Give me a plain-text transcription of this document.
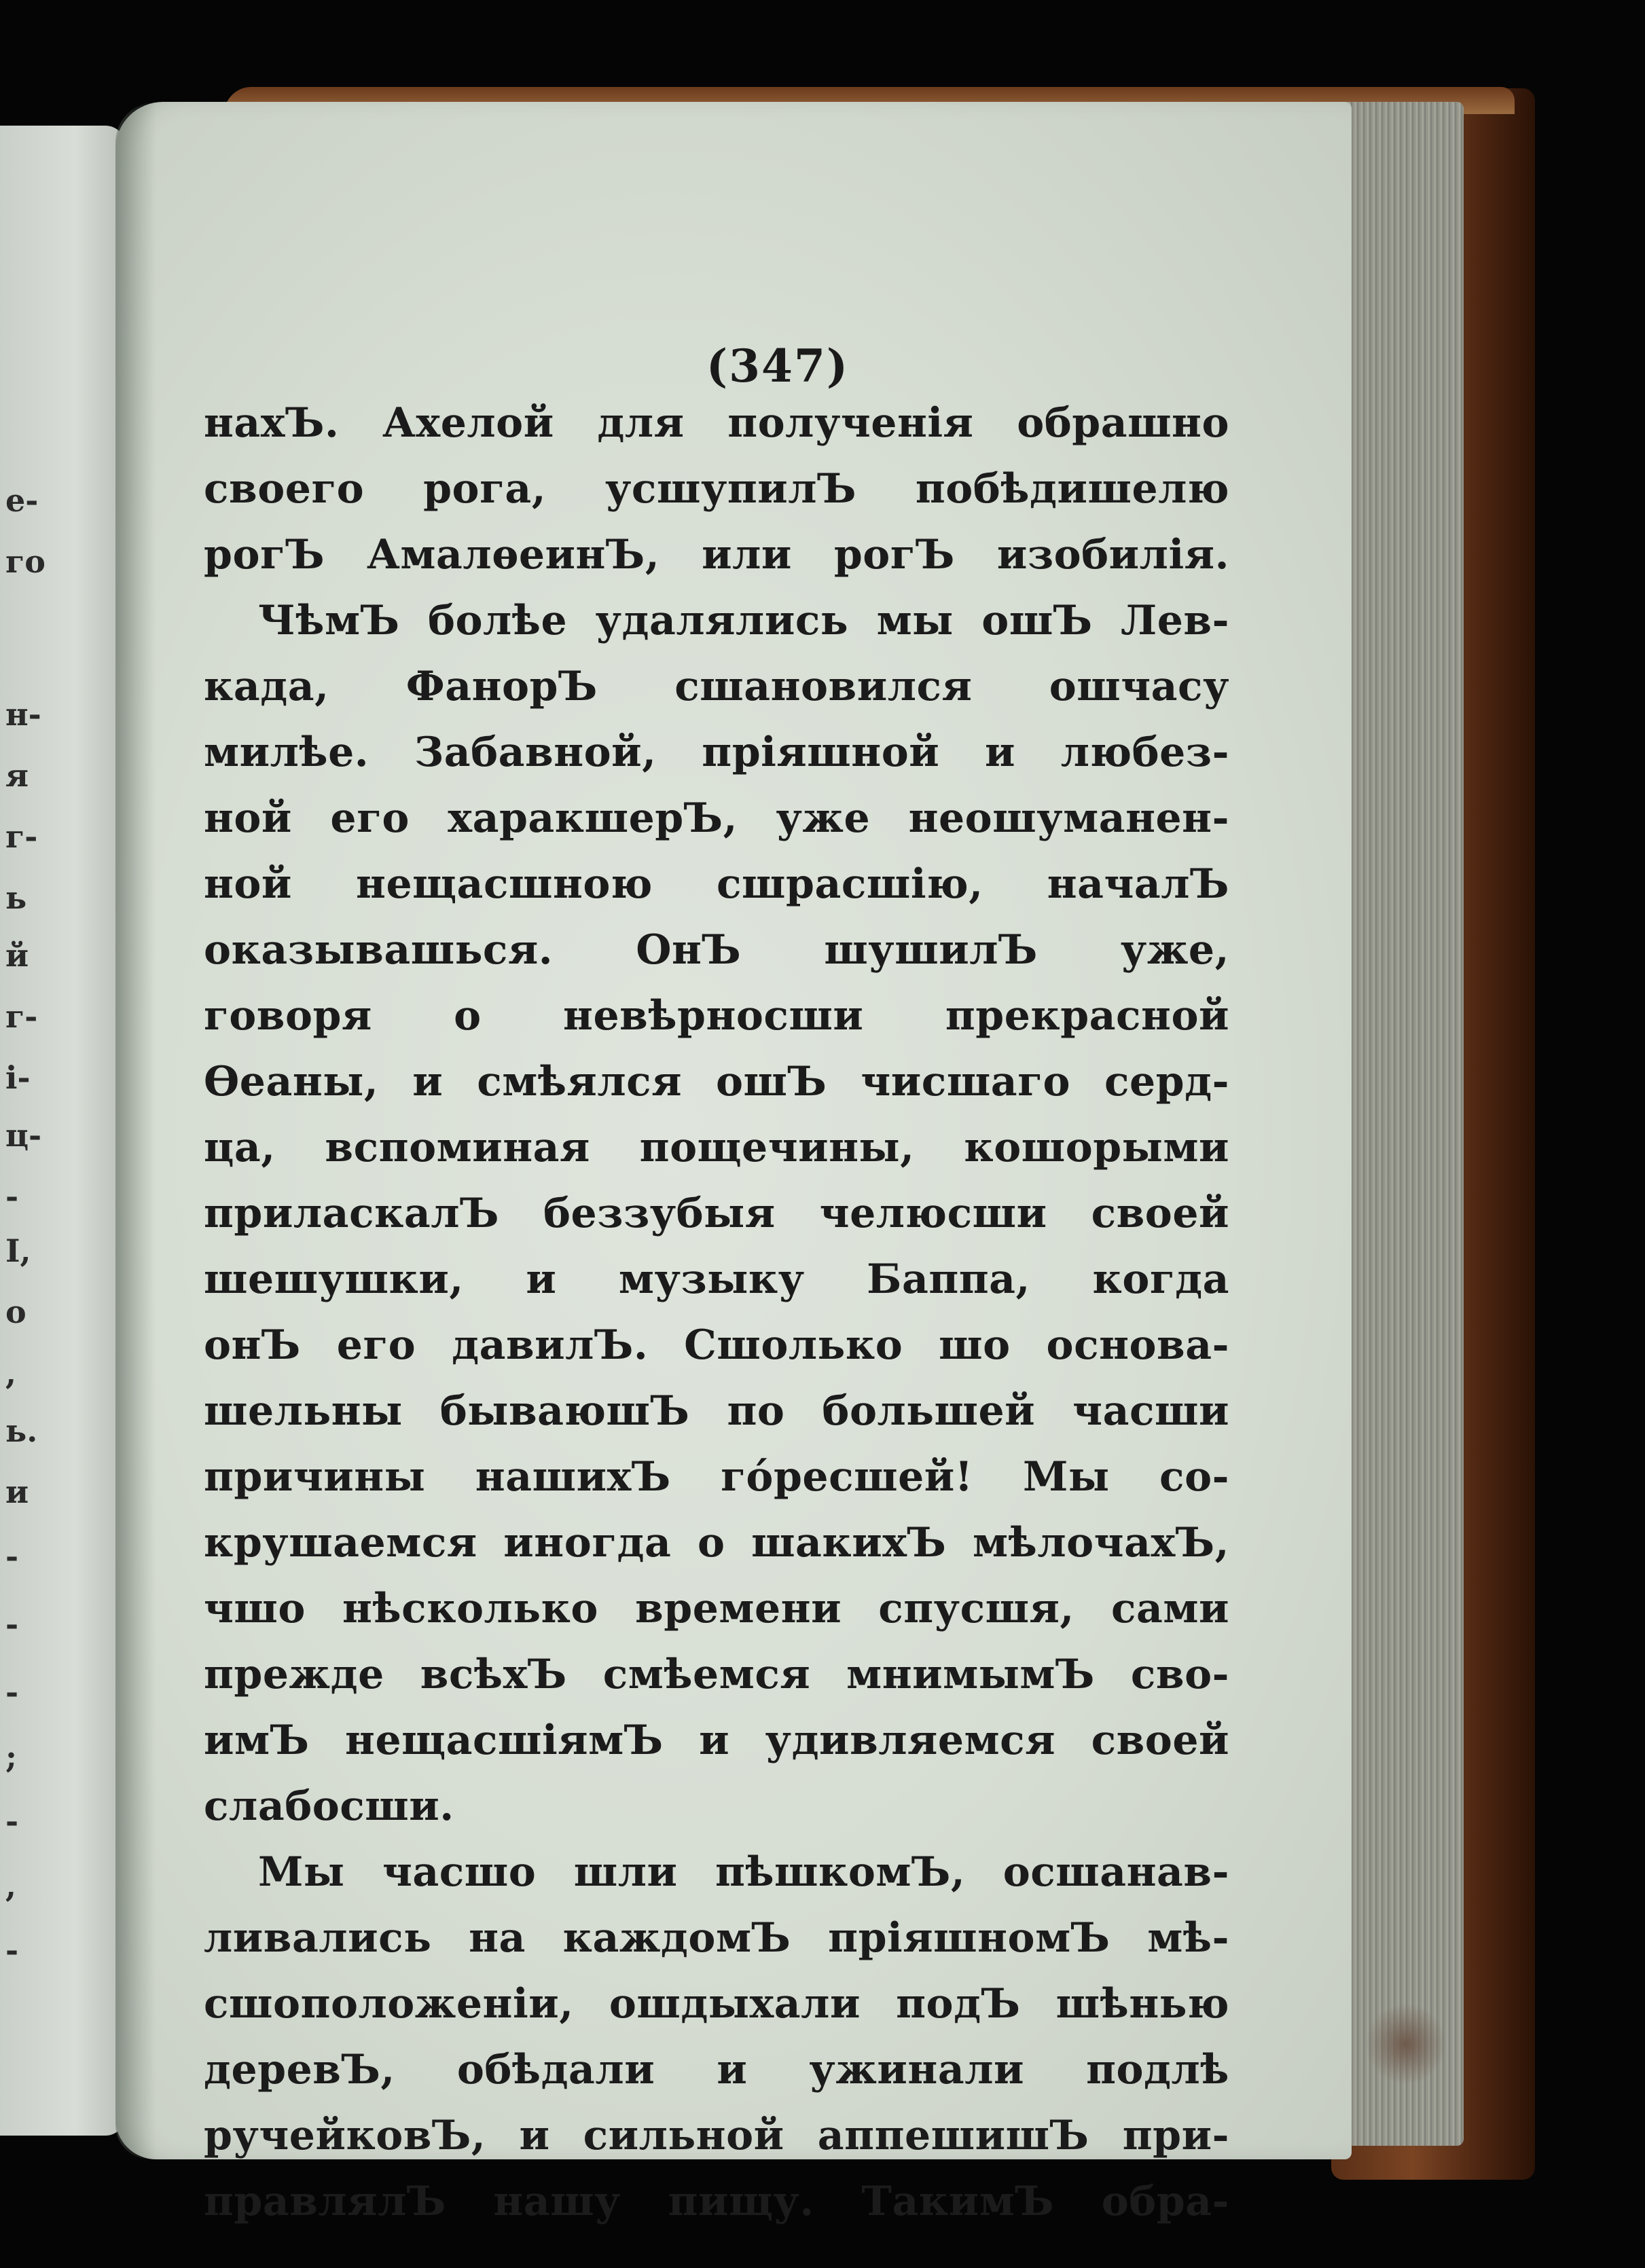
е-
го
н-
я
г-
ь
й
г-
і-
ц-
-
І,
о
,
ь.
и
-
-
-
;
-
,
-
(347)
нахЪ. Ахелой для полученія обрашно
своего рога, усшупилЪ побѣдишелю
рогЪ АмалѳеинЪ, или рогЪ изобилія.
ЧѣмЪ болѣе удалялись мы ошЪ Лев-
када, ФанорЪ сшановился ошчасу
милѣе. Забавной, пріяшной и любез-
ной его харакшерЪ, уже неошуманен-
ной нещасшною сшрасшію, началЪ
оказывашься. ОнЪ шушилЪ уже,
говоря о невѣрносши прекрасной
Ѳеаны, и смѣялся ошЪ чисшаго серд-
ца, вспоминая пощечины, кошорыми
приласкалЪ беззубыя челюсши своей
шешушки, и музыку Баппа, когда
онЪ его давилЪ. Сшолько шо основа-
шельны бываюшЪ по большей часши
причины нашихЪ гóресшей! Мы со-
крушаемся иногда о шакихЪ мѣлочахЪ,
чшо нѣсколько времени спусшя, сами
прежде всѣхЪ смѣемся мнимымЪ сво-
имЪ нещасшіямЪ и удивляемся своей
слабосши.
Мы часшо шли пѣшкомЪ, осшанав-
ливались на каждомЪ пріяшномЪ мѣ-
сшоположеніи, ошдыхали подЪ шѣнью
деревЪ, обѣдали и ужинали подлѣ
ручейковЪ, и сильной аппешишЪ при-
правлялЪ нашу пищу. ТакимЪ обра-
